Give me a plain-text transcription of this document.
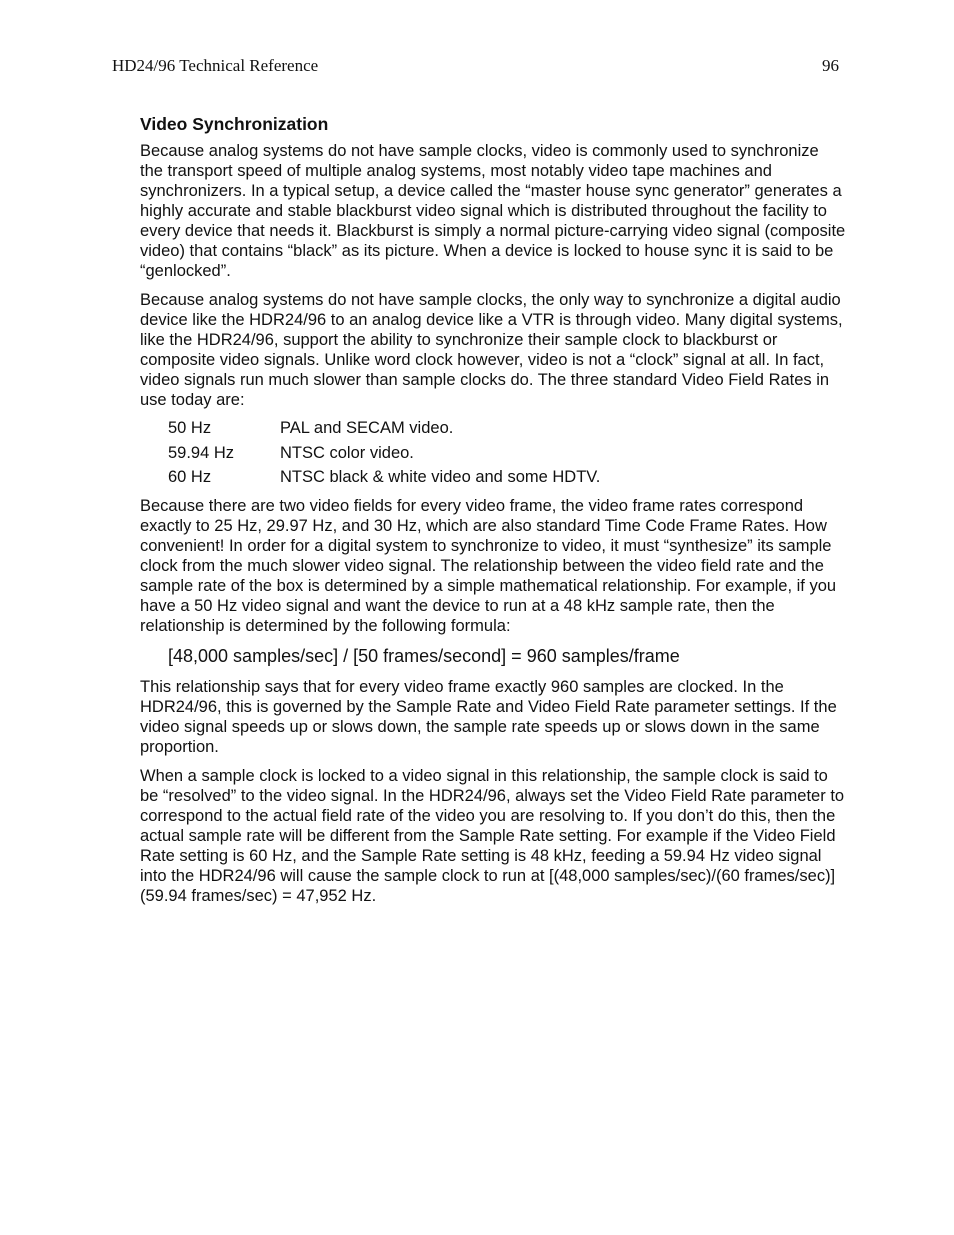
HD24/96 Technical Reference	96
Video Synchronization

Because analog systems do not have sample clocks, video is commonly used to synchronize the transport speed of multiple analog systems, most notably video tape machines and synchronizers. In a typical setup, a device called the “master house sync generator” generates a highly accurate and stable blackburst video signal which is distributed throughout the facility to every device that needs it. Blackburst is simply a normal picture-carrying video signal (composite video) that contains “black” as its picture. When a device is locked to house sync it is said to be “genlocked”.

Because analog systems do not have sample clocks, the only way to synchronize a digital audio device like the HDR24/96 to an analog device like a VTR is through video. Many digital systems, like the HDR24/96, support the ability to synchronize their sample clock to blackburst or composite video signals. Unlike word clock however, video is not a “clock” signal at all. In fact, video signals run much slower than sample clocks do. The three standard Video Field Rates in use today are:

50 Hz	PAL and SECAM video.
59.94 Hz	NTSC color video.
60 Hz	NTSC black & white video and some HDTV.

Because there are two video fields for every video frame, the video frame rates correspond exactly to 25 Hz, 29.97 Hz, and 30 Hz, which are also standard Time Code Frame Rates. How convenient! In order for a digital system to synchronize to video, it must “synthesize” its sample clock from the much slower video signal. The relationship between the video field rate and the sample rate of the box is determined by a simple mathematical relationship. For example, if you have a 50 Hz video signal and want the device to run at a 48 kHz sample rate, then the relationship is determined by the following formula:

[48,000 samples/sec] / [50 frames/second] = 960 samples/frame

This relationship says that for every video frame exactly 960 samples are clocked. In the HDR24/96, this is governed by the Sample Rate and Video Field Rate parameter settings. If the video signal speeds up or slows down, the sample rate speeds up or slows down in the same proportion.

When a sample clock is locked to a video signal in this relationship, the sample clock is said to be “resolved” to the video signal. In the HDR24/96, always set the Video Field Rate parameter to correspond to the actual field rate of the video you are resolving to. If you don’t do this, then the actual sample rate will be different from the Sample Rate setting. For example if the Video Field Rate setting is 60 Hz, and the Sample Rate setting is 48 kHz, feeding a 59.94 Hz video signal into the HDR24/96 will cause the sample clock to run at [(48,000 samples/sec)/(60 frames/sec)](59.94 frames/sec) = 47,952 Hz.
